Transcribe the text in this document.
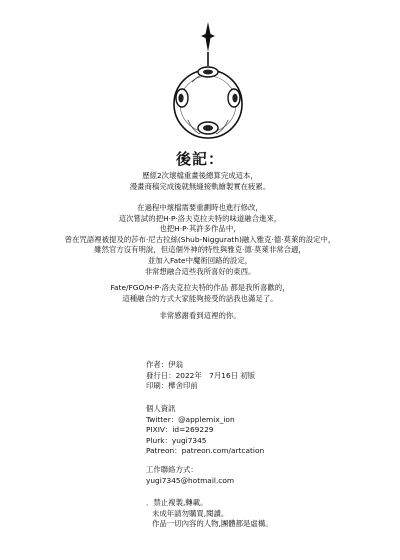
後記：
歷經2次壞檔重畫後總算完成這本，
漫畫商稿完成後就無縫接軌繪製實在疲累。
在過程中壞檔需要重劃時也進行修改，
這次嘗試的把H·P·洛夫克拉夫特的味道融合進來，
也把H·P·其許多作品中，
曾在咒語裡被提及的莎布·尼古拉絲(Shub-Niggurath)融入雅克·德·莫萊的設定中，
雖然官方沒有明說，但這個外神的特性與雅克·德·莫萊非常合適，
並加入Fate中魔術回路的設定，
非常想融合這些我所喜好的東西。
Fate/FGO/H·P·洛夫克拉夫特的作品 都是我所喜歡的，
這種融合的方式大家能夠接受的話我也滿足了。
非常感謝看到這裡的你。
作者：伊翁
發行日：2022年　7月16日 初版
印刷：樺舍印前
個人資訊
Twitter：@applemix_ion
PIXIV：id=269229
Plurk：yugi7345
Patreon：patreon.com/artcation
工作聯絡方式：
yugi7345@hotmail.com
．禁止複製,轉載。
未成年請勿購買,閱讀。
作品一切內容的人物,團體都是虛構。
